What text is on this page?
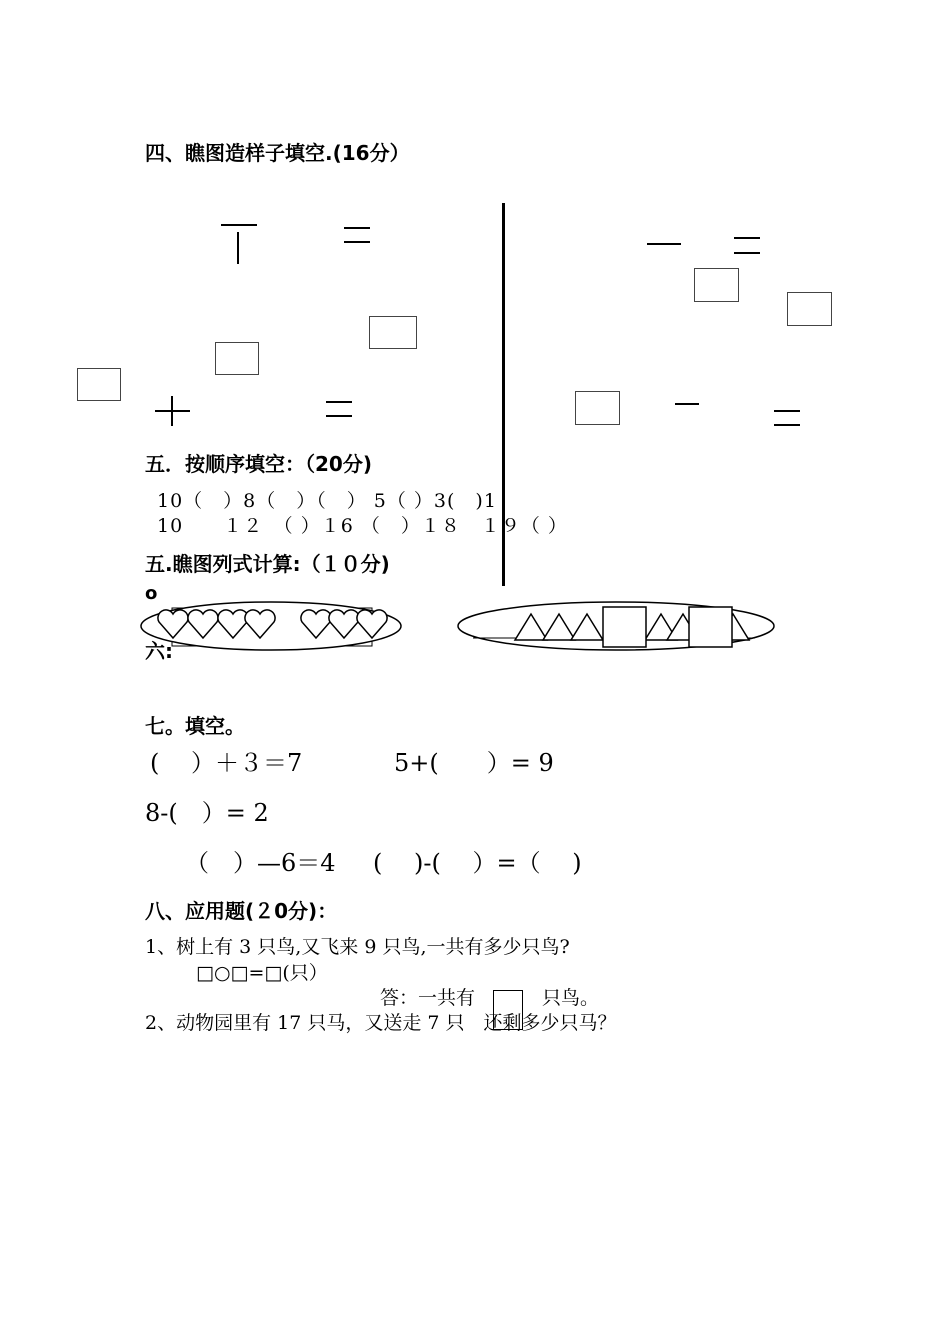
四、瞧图造样子填空.(16分）
五．按顺序填空：（20分)
10（　）8（　）（　） 5（ ）3(　)1
10　　１２　（ ）１6 （　）１８　１９（ ）
五.瞧图列式计算:（１０分)
o
六:
七。填空。
(　 ）＋３＝7	5+(　　）= 9
8-(　）= 2
（　）—6＝4 (　 )-(　 ）=（　 )
八、应用题(２0分)：
1、树上有 3 只鸟,又飞来 9 只鸟,一共有多少只鸟?
□○□=□(只）
答：一共有	只鸟。
2、动物园里有 17 只马，又送走 7 只　还剩多少只马？
